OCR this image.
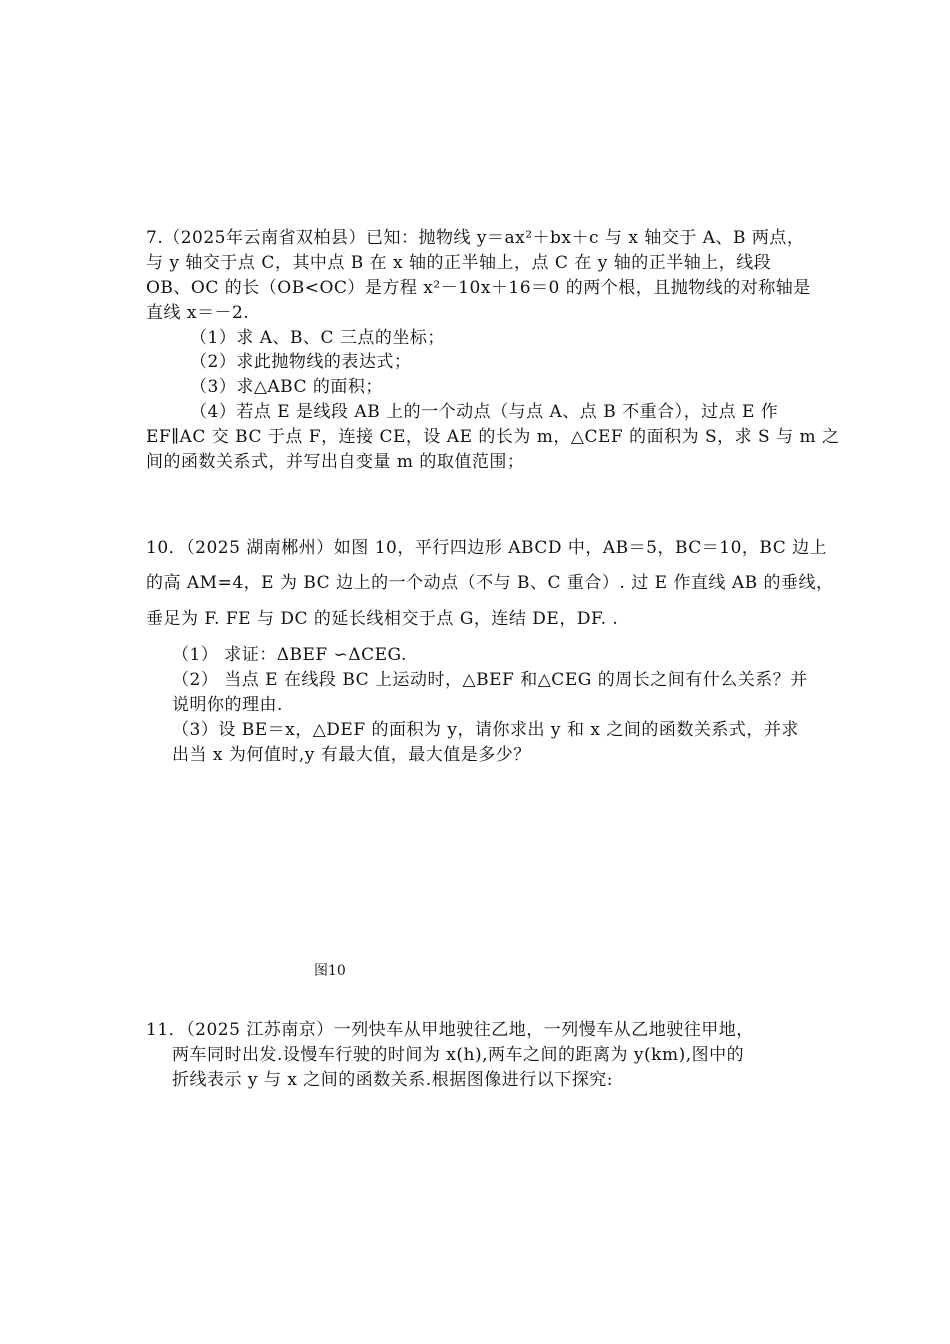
7.（2025年云南省双柏县）已知：抛物线 y＝ax²＋bx＋c 与 x 轴交于 A、B 两点，
与 y 轴交于点 C，其中点 B 在 x 轴的正半轴上，点 C 在 y 轴的正半轴上，线段
OB、OC 的长（OB<OC）是方程 x²－10x＋16＝0 的两个根，且抛物线的对称轴是
直线 x＝－2.
（1）求 A、B、C 三点的坐标；
（2）求此抛物线的表达式；
（3）求△ABC 的面积；
（4）若点 E 是线段 AB 上的一个动点（与点 A、点 B 不重合），过点 E 作
EF∥AC 交 BC 于点 F，连接 CE，设 AE 的长为 m，△CEF 的面积为 S，求 S 与 m 之
间的函数关系式，并写出自变量 m 的取值范围；
10．（2025 湖南郴州）如图 10，平行四边形 ABCD 中，AB＝5，BC＝10，BC 边上
的高 AM=4，E 为 BC 边上的一个动点（不与 B、C 重合）. 过 E 作直线 AB 的垂线，
垂足为 F. FE 与 DC 的延长线相交于点 G，连结 DE，DF. .
（1） 求证：ΔBEF ∽ΔCEG.
（2） 当点 E 在线段 BC 上运动时，△BEF 和△CEG 的周长之间有什么关系？并
说明你的理由.
（3）设 BE＝x，△DEF 的面积为 y，请你求出 y 和 x 之间的函数关系式，并求
出当 x 为何值时,y 有最大值，最大值是多少？
图10
11．（2025 江苏南京）一列快车从甲地驶往乙地，一列慢车从乙地驶往甲地，
两车同时出发.设慢车行驶的时间为 x(h),两车之间的距离为 y(km),图中的
折线表示 y 与 x 之间的函数关系.根据图像进行以下探究:
